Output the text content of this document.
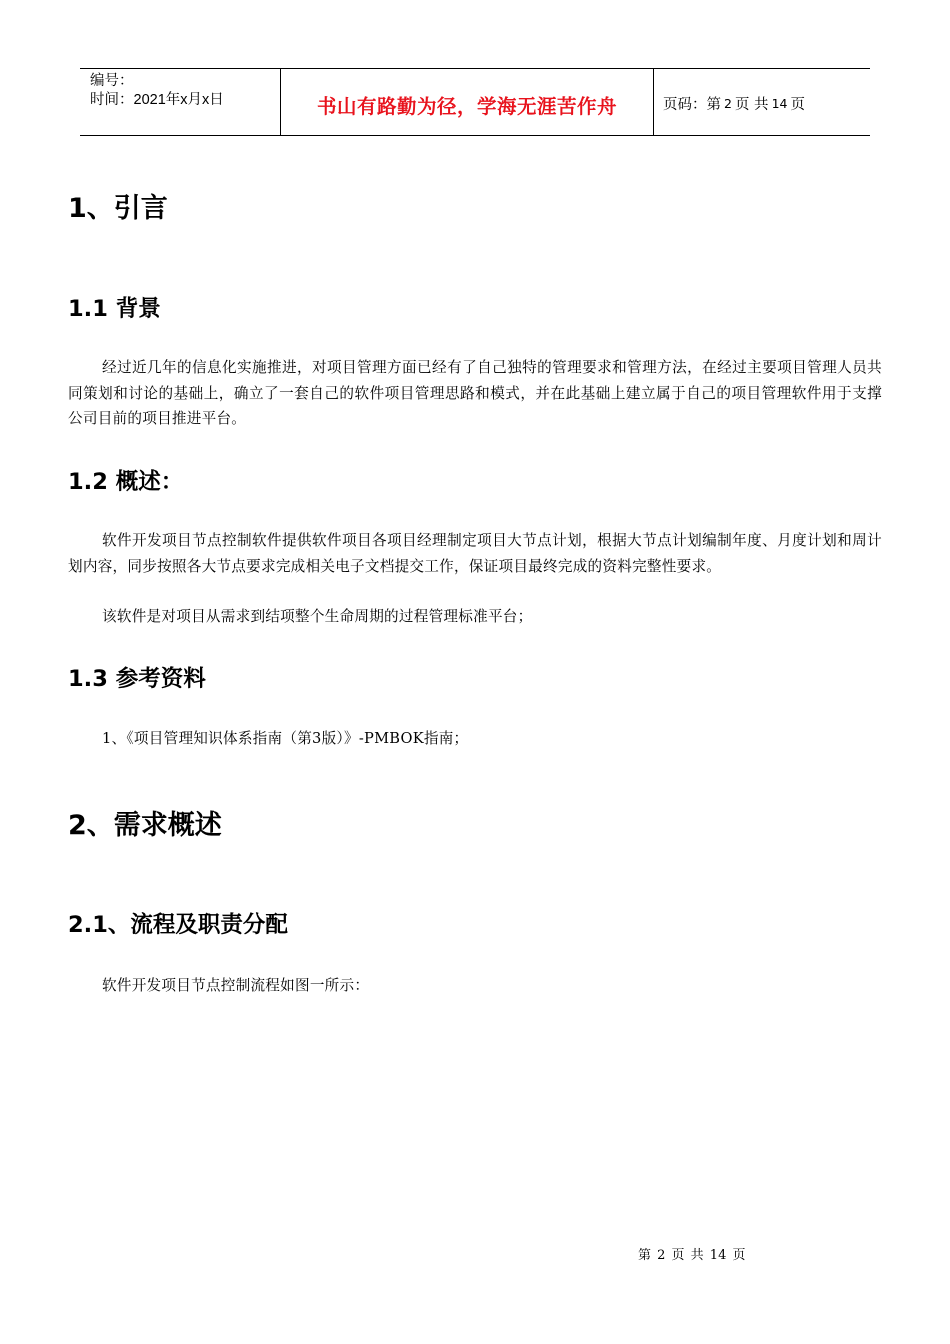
编号：
时间：2021年x月x日	书山有路勤为径，学海无涯苦作舟	页码：第 2 页 共 14 页
1、引言
1.1 背景

经过近几年的信息化实施推进，对项目管理方面已经有了自己独特的管理要求和管理方法，在经过主要项目管理人员共同策划和讨论的基础上，确立了一套自己的软件项目管理思路和模式，并在此基础上建立属于自己的项目管理软件用于支撑公司目前的项目推进平台。

1.2 概述：

软件开发项目节点控制软件提供软件项目各项目经理制定项目大节点计划，根据大节点计划编制年度、月度计划和周计划内容，同步按照各大节点要求完成相关电子文档提交工作，保证项目最终完成的资料完整性要求。

该软件是对项目从需求到结项整个生命周期的过程管理标准平台；

1.3 参考资料

1、《项目管理知识体系指南（第3版）》-PMBOK指南；

2、需求概述
2.1、流程及职责分配

软件开发项目节点控制流程如图一所示：

第 2 页 共 14 页
